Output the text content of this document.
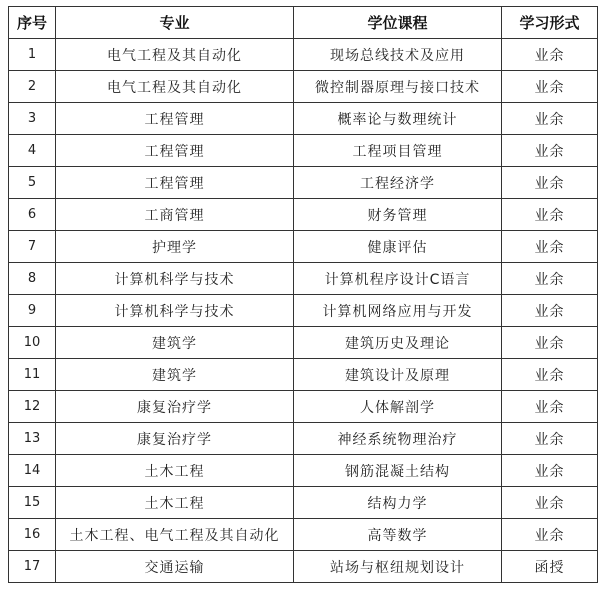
序号	专业	学位课程	学习形式
1	电气工程及其自动化	现场总线技术及应用	业余
2	电气工程及其自动化	微控制器原理与接口技术	业余
3	工程管理	概率论与数理统计	业余
4	工程管理	工程项目管理	业余
5	工程管理	工程经济学	业余
6	工商管理	财务管理	业余
7	护理学	健康评估	业余
8	计算机科学与技术	计算机程序设计C语言	业余
9	计算机科学与技术	计算机网络应用与开发	业余
10	建筑学	建筑历史及理论	业余
11	建筑学	建筑设计及原理	业余
12	康复治疗学	人体解剖学	业余
13	康复治疗学	神经系统物理治疗	业余
14	土木工程	钢筋混凝土结构	业余
15	土木工程	结构力学	业余
16	土木工程、电气工程及其自动化	高等数学	业余
17	交通运输	站场与枢纽规划设计	函授
